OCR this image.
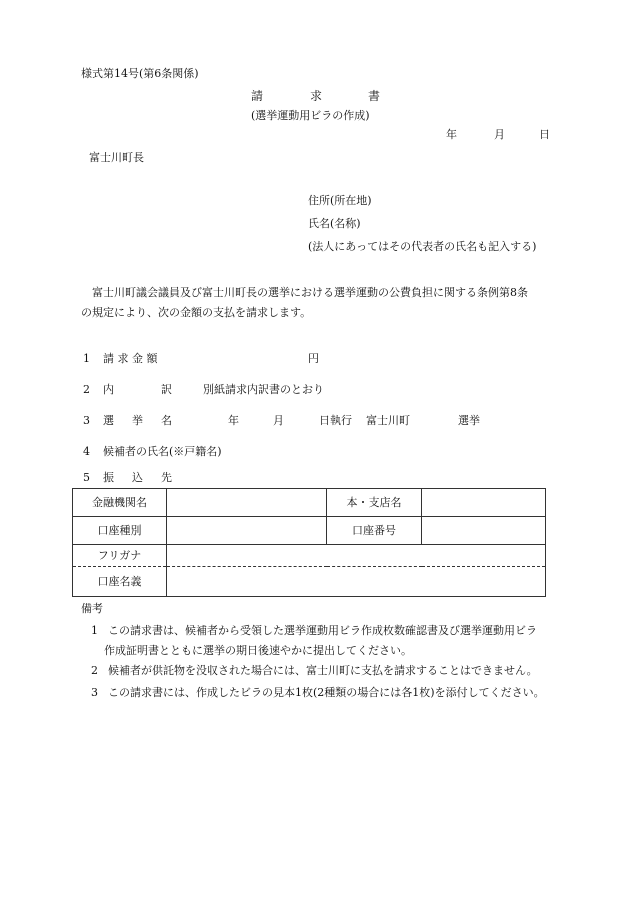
様式第14号(第6条関係)
請	求	書
(選挙運動用ビラの作成)
年	月	日
富士川町長
住所(所在地)
氏名(名称)
(法人にあってはその代表者の氏名も記入する)
富士川町議会議員及び富士川町長の選挙における選挙運動の公費負担に関する条例第8条
の規定により、次の金額の支払を請求します。
1 請 求 金 額	円
2 内	訳	別紙請求内訳書のとおり
3 選 挙 名	年	月	日執行 富士川町	選挙
4 候補者の氏名(※戸籍名)
5 振 込 先
金融機関名		本・支店名	
口座種別		口座番号	
フリガナ			
口座名義			
備考
1 この請求書は、候補者から受領した選挙運動用ビラ作成枚数確認書及び選挙運動用ビラ
作成証明書とともに選挙の期日後速やかに提出してください。
2 候補者が供託物を没収された場合には、富士川町に支払を請求することはできません。
3 この請求書には、作成したビラの見本1枚(2種類の場合には各1枚)を添付してください。
